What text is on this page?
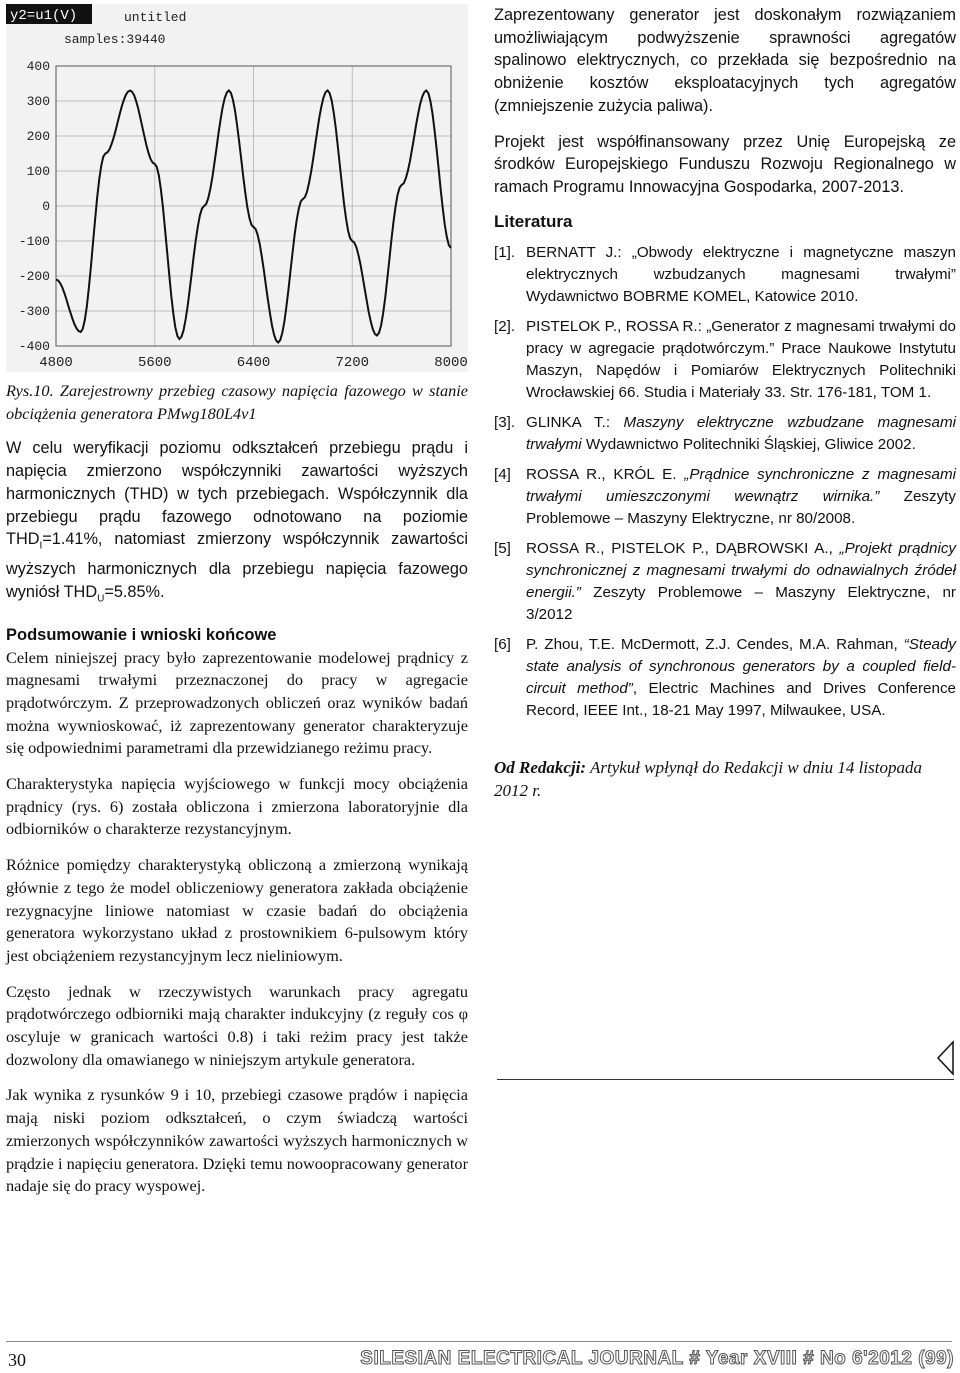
y2=u1(V)	untitled
samples:39440
-400
-300
-200
-100
0
100
200
300
400
4800	5600	6400	7200	8000

Rys.10. Zarejestrowny przebieg czasowy napięcia fazowego w stanie obciążenia generatora PMwg180L4v1

W celu weryfikacji poziomu odkształceń przebiegu prądu i napięcia zmierzono współczynniki zawartości wyższych harmonicznych (THD) w tych przebiegach. Współczynnik dla przebiegu prądu fazowego odnotowano na poziomie $THD_I=1.41\%$, natomiast zmierzony współczynnik zawartości wyższych harmonicznych dla przebiegu napięcia fazowego wyniósł $THD_U=5.85\%$.

Podsumowanie i wnioski końcowe

Celem niniejszej pracy było zaprezentowanie modelowej prądnicy z magnesami trwałymi przeznaczonej do pracy w agregacie prądotwórczym. Z przeprowadzonych obliczeń oraz wyników badań można wywnioskować, iż zaprezentowany generator charakteryzuje się odpowiednimi parametrami dla przewidzianego reżimu pracy.

Charakterystyka napięcia wyjściowego w funkcji mocy obciążenia prądnicy (rys. 6) została obliczona i zmierzona laboratoryjnie dla odbiorników o charakterze rezystancyjnym.

Różnice pomiędzy charakterystyką obliczoną a zmierzoną wynikają głównie z tego że model obliczeniowy generatora zakłada obciążenie rezygnacyjne liniowe natomiast w czasie badań do obciążenia generatora wykorzystano układ z prostownikiem 6-pulsowym który jest obciążeniem rezystancyjnym lecz nieliniowym.

Często jednak w rzeczywistych warunkach pracy agregatu prądotwórczego odbiorniki mają charakter indukcyjny (z reguły cos φ oscyluje w granicach wartości 0.8) i taki reżim pracy jest także dozwolony dla omawianego w niniejszym artykule generatora.

Jak wynika z rysunków 9 i 10, przebiegi czasowe prądów i napięcia mają niski poziom odkształceń, o czym świadczą wartości zmierzonych współczynników zawartości wyższych harmonicznych w prądzie i napięciu generatora. Dzięki temu nowoopracowany generator nadaje się do pracy wyspowej.

Zaprezentowany generator jest doskonałym rozwiązaniem umożliwiającym podwyższenie sprawności agregatów spalinowo elektrycznych, co przekłada się bezpośrednio na obniżenie kosztów eksploatacyjnych tych agregatów (zmniejszenie zużycia paliwa).

Projekt jest współfinansowany przez Unię Europejską ze środków Europejskiego Funduszu Rozwoju Regionalnego w ramach Programu Innowacyjna Gospodarka, 2007-2013.

Literatura

[1]. BERNATT J.: „Obwody elektryczne i magnetyczne maszyn elektrycznych wzbudzanych magnesami trwałymi” Wydawnictwo BOBRME KOMEL, Katowice 2010.
[2]. PISTELOK P., ROSSA R.: „Generator z magnesami trwałymi do pracy w agregacie prądotwórczym.” Prace Naukowe Instytutu Maszyn, Napędów i Pomiarów Elektrycznych Politechniki Wrocławskiej 66. Studia i Materiały 33. Str. 176-181, TOM 1.
[3]. GLINKA T.: Maszyny elektryczne wzbudzane magnesami trwałymi Wydawnictwo Politechniki Śląskiej, Gliwice 2002.
[4] ROSSA R., KRÓL E. „Prądnice synchroniczne z magnesami trwałymi umieszczonymi wewnątrz wirnika.” Zeszyty Problemowe – Maszyny Elektryczne, nr 80/2008.
[5] ROSSA R., PISTELOK P., DĄBROWSKI A., „Projekt prądnicy synchronicznej z magnesami trwałymi do odnawialnych źródeł energii.” Zeszyty Problemowe – Maszyny Elektryczne, nr 3/2012
[6] P. Zhou, T.E. McDermott, Z.J. Cendes, M.A. Rahman, “Steady state analysis of synchronous generators by a coupled field-circuit method”, Electric Machines and Drives Conference Record, IEEE Int., 18-21 May 1997, Milwaukee, USA.
Od Redakcji: Artykuł wpłynął do Redakcji w dniu 14 listopada 2012 r.
30	SILESIAN ELECTRICAL JOURNAL # Year XVIII # No 6'2012 (99)
